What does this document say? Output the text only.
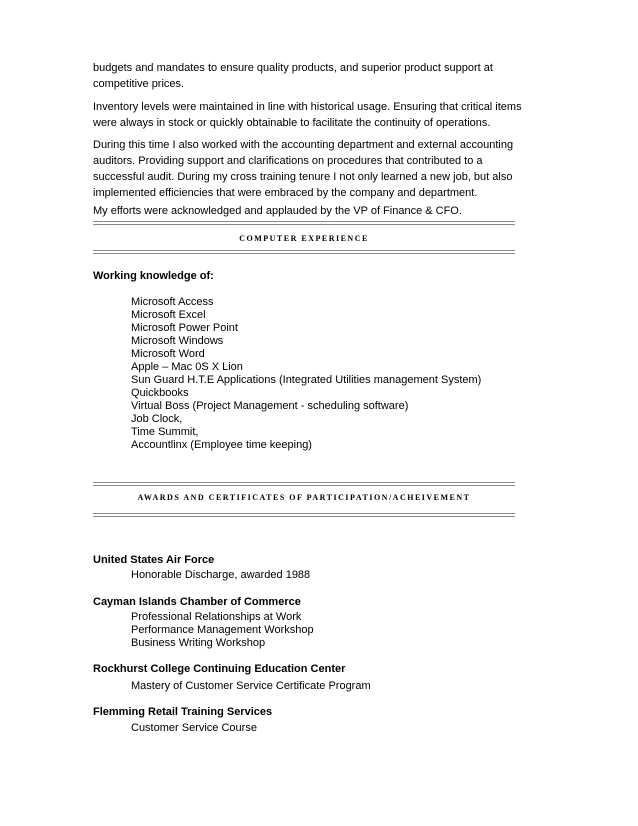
budgets and mandates to ensure quality products, and superior product support at competitive prices.

Inventory levels were maintained in line with historical usage. Ensuring that critical items were always in stock or quickly obtainable to facilitate the continuity of operations.

During this time I also worked with the accounting department and external accounting auditors. Providing support and clarifications on procedures that contributed to a successful audit. During my cross training tenure I not only learned a new job, but also implemented efficiencies that were embraced by the company and department.

My efforts were acknowledged and applauded by the VP of Finance & CFO.

COMPUTER EXPERIENCE

Working knowledge of:

Microsoft Access
Microsoft Excel
Microsoft Power Point
Microsoft Windows
Microsoft Word
Apple – Mac 0S X Lion
Sun Guard H.T.E Applications (Integrated Utilities management System)
Quickbooks
Virtual Boss (Project Management - scheduling software)
Job Clock,
Time Summit,
Accountlinx (Employee time keeping)
AWARDS AND CERTIFICATES OF PARTICIPATION/ACHEIVEMENT

United States Air Force

Honorable Discharge, awarded 1988

Cayman Islands Chamber of Commerce

Professional Relationships at Work
Performance Management Workshop
Business Writing Workshop

Rockhurst College Continuing Education Center

Mastery of Customer Service Certificate Program

Flemming Retail Training Services

Customer Service Course
